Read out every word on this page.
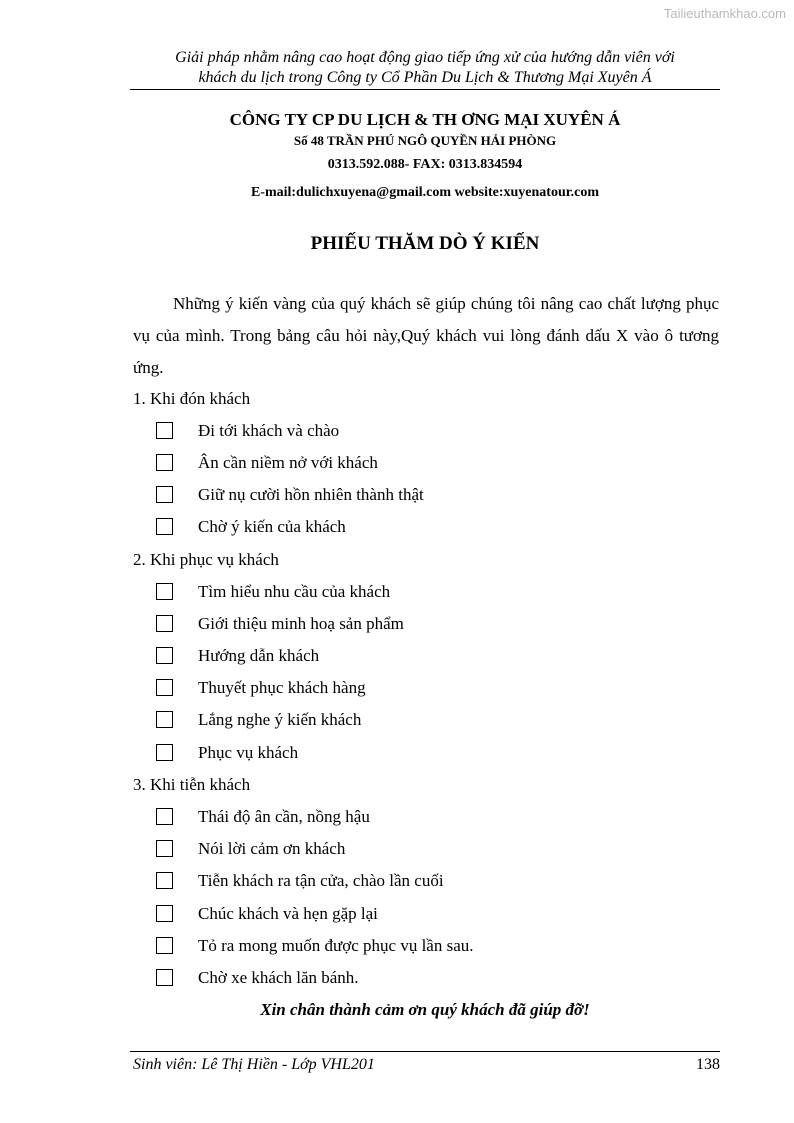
Tailieuthamkhao.com
Giải pháp nhằm nâng cao hoạt động giao tiếp ứng xử của hướng dẫn viên với
khách du lịch trong Công ty Cổ Phần Du Lịch & Thương Mại Xuyên Á
CÔNG TY CP DU LỊCH & TH ƠNG MẠI XUYÊN Á
Số 48 TRẦN PHÚ NGÔ QUYỀN HẢI PHÒNG
0313.592.088- FAX: 0313.834594
E-mail:dulichxuyena@gmail.com website:xuyenatour.com
PHIẾU THĂM DÒ Ý KIẾN

Những ý kiến vàng của quý khách sẽ giúp chúng tôi nâng cao chất lượng phục vụ của mình. Trong bảng câu hỏi này,Quý khách vui lòng đánh dấu X vào ô tương ứng.

1. Khi đón khách
Đi tới khách và chào
Ân cần niềm nở với khách
Giữ nụ cười hồn nhiên thành thật
Chờ ý kiến của khách
2. Khi phục vụ khách
Tìm hiểu nhu cầu của khách
Giới thiệu minh hoạ sản phẩm
Hướng dẫn khách
Thuyết phục khách hàng
Lắng nghe ý kiến khách
Phục vụ khách
3. Khi tiễn khách
Thái độ ân cần, nồng hậu
Nói lời cảm ơn khách
Tiễn khách ra tận cửa, chào lần cuối
Chúc khách và hẹn gặp lại
Tỏ ra mong muốn được phục vụ lần sau.
Chờ xe khách lăn bánh.
Xin chân thành cảm ơn quý khách đã giúp đỡ!
Sinh viên: Lê Thị Hiền - Lớp VHL201	138
